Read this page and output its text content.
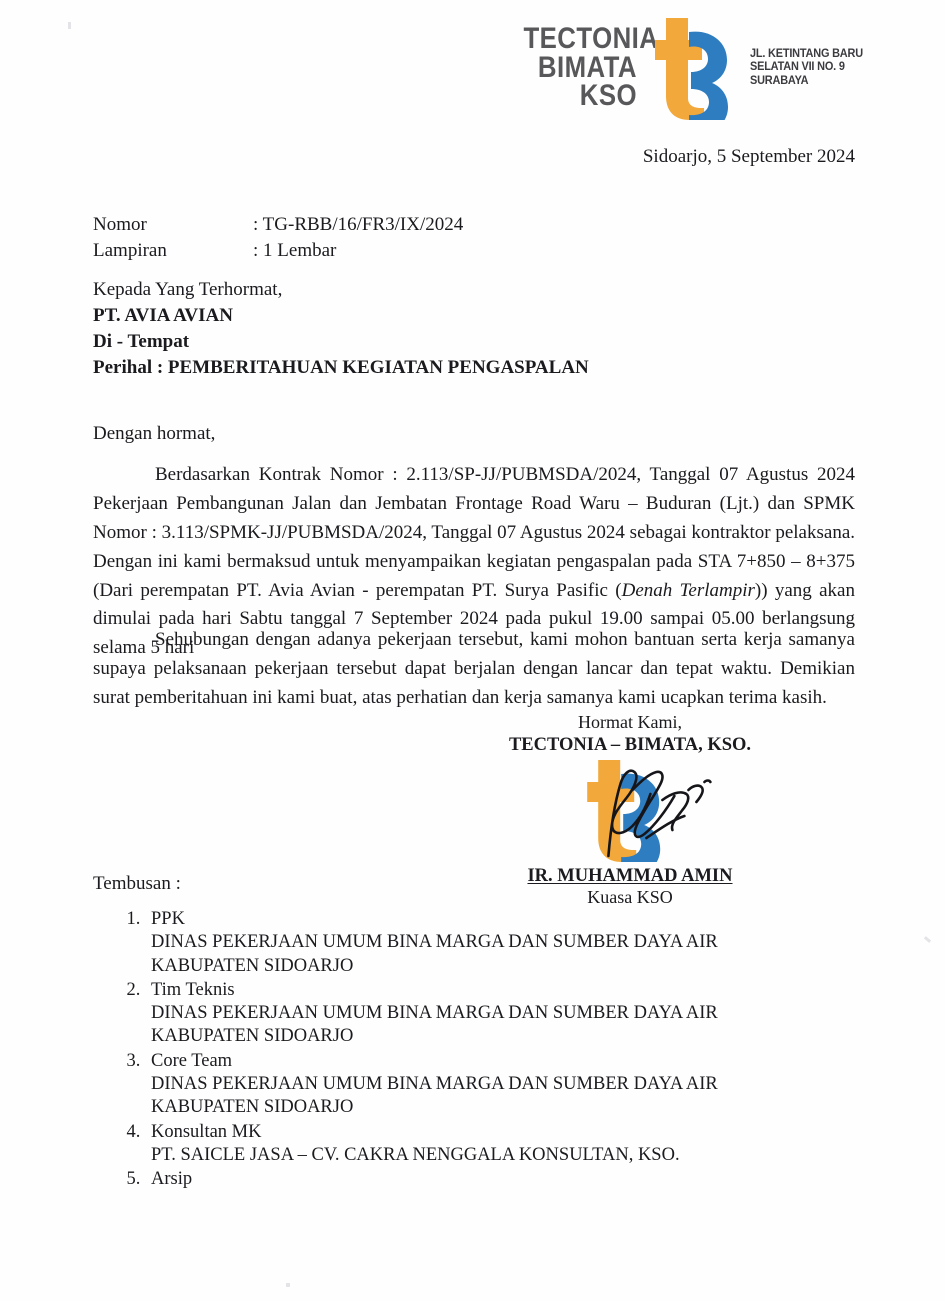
TECTONIA
BIMATA
KSO
JL. KETINTANG BARU
SELATAN VII NO. 9
SURABAYA
Sidoarjo, 5 September 2024
Nomor	: TG-RBB/16/FR3/IX/2024
Lampiran	: 1 Lembar
Kepada Yang Terhormat,
PT. AVIA AVIAN
Di - Tempat
Perihal : PEMBERITAHUAN KEGIATAN PENGASPALAN
Dengan hormat,
Berdasarkan Kontrak Nomor : 2.113/SP-JJ/PUBMSDA/2024, Tanggal 07 Agustus 2024 Pekerjaan Pembangunan Jalan dan Jembatan Frontage Road Waru – Buduran (Ljt.) dan SPMK Nomor : 3.113/SPMK-JJ/PUBMSDA/2024, Tanggal 07 Agustus 2024 sebagai kontraktor pelaksana. Dengan ini kami bermaksud untuk menyampaikan kegiatan pengaspalan pada STA 7+850 – 8+375 (Dari perempatan PT. Avia Avian - perempatan PT. Surya Pasific (Denah Terlampir)) yang akan dimulai pada hari Sabtu tanggal 7 September 2024 pada pukul 19.00 sampai 05.00 berlangsung selama 5 hari
Sehubungan dengan adanya pekerjaan tersebut, kami mohon bantuan serta kerja samanya supaya pelaksanaan pekerjaan tersebut dapat berjalan dengan lancar dan tepat waktu. Demikian surat pemberitahuan ini kami buat, atas perhatian dan kerja samanya kami ucapkan terima kasih.
Hormat Kami,
TECTONIA – BIMATA, KSO.
IR. MUHAMMAD AMIN
Kuasa KSO
Tembusan :
1. PPK
DINAS PEKERJAAN UMUM BINA MARGA DAN SUMBER DAYA AIR
KABUPATEN SIDOARJO
2. Tim Teknis
DINAS PEKERJAAN UMUM BINA MARGA DAN SUMBER DAYA AIR
KABUPATEN SIDOARJO
3. Core Team
DINAS PEKERJAAN UMUM BINA MARGA DAN SUMBER DAYA AIR
KABUPATEN SIDOARJO
4. Konsultan MK
PT. SAICLE JASA – CV. CAKRA NENGGALA KONSULTAN, KSO.
5. Arsip
